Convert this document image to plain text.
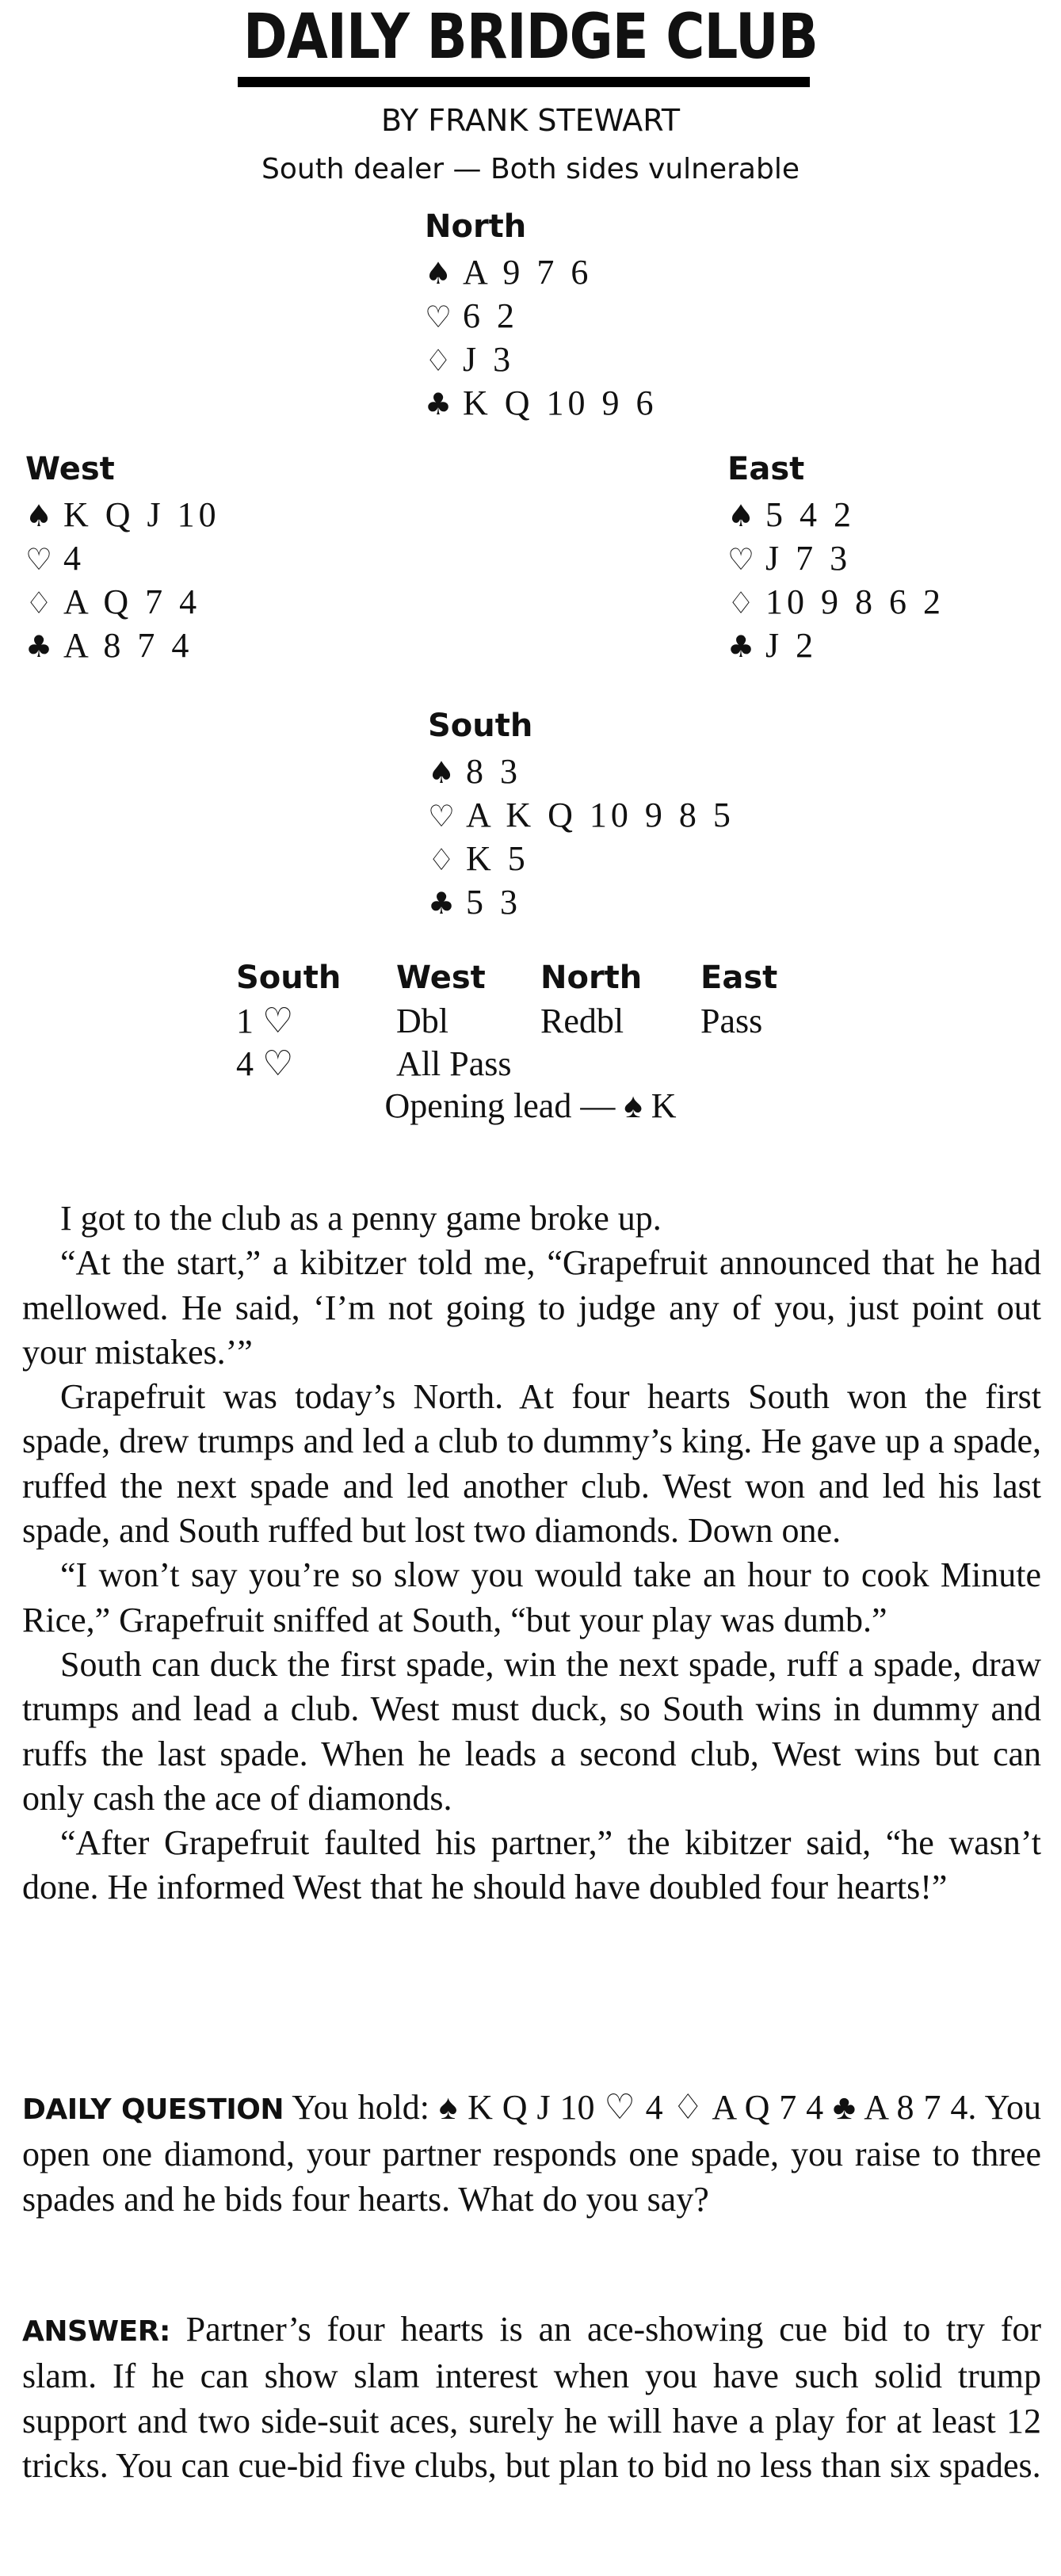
DAILY BRIDGE CLUB
BY FRANK STEWART
South dealer — Both sides vulnerable
North
♠ A 9 7 6
♡ 6 2
♢ J 3
♣ K Q 10 9 6
West
♠ K Q J 10
♡ 4
♢ A Q 7 4
♣ A 8 7 4
East
♠ 5 4 2
♡ J 7 3
♢ 10 9 8 6 2
♣ J 2
South
♠ 8 3
♡ A K Q 10 9 8 5
♢ K 5
♣ 5 3
South
1 ♡
4 ♡
West
Dbl
All Pass
North
Redbl
East
Pass
Opening lead — ♠ K

I got to the club as a penny game broke up.

“At the start,” a kibitzer told me, “Grapefruit announced that he had mellowed. He said, ‘I’m not going to judge any of you, just point out your mistakes.’”

Grapefruit was today’s North. At four hearts South won the first spade, drew trumps and led a club to dummy’s king. He gave up a spade, ruffed the next spade and led another club. West won and led his last spade, and South ruffed but lost two diamonds. Down one.

“I won’t say you’re so slow you would take an hour to cook Minute Rice,” Grapefruit sniffed at South, “but your play was dumb.”

South can duck the first spade, win the next spade, ruff a spade, draw trumps and lead a club. West must duck, so South wins in dummy and ruffs the last spade. When he leads a second club, West wins but can only cash the ace of diamonds.

“After Grapefruit faulted his partner,” the kibitzer said, “he wasn’t done. He informed West that he should have doubled four hearts!”

DAILY QUESTION You hold: ♠ K Q J 10 ♡ 4 ♢ A Q 7 4 ♣ A 8 7 4. You open one diamond, your partner responds one spade, you raise to three spades and he bids four hearts. What do you say?
ANSWER: Partner’s four hearts is an ace-showing cue bid to try for slam. If he can show slam interest when you have such solid trump support and two side-suit aces, surely he will have a play for at least 12 tricks. You can cue-bid five clubs, but plan to bid no less than six spades.
